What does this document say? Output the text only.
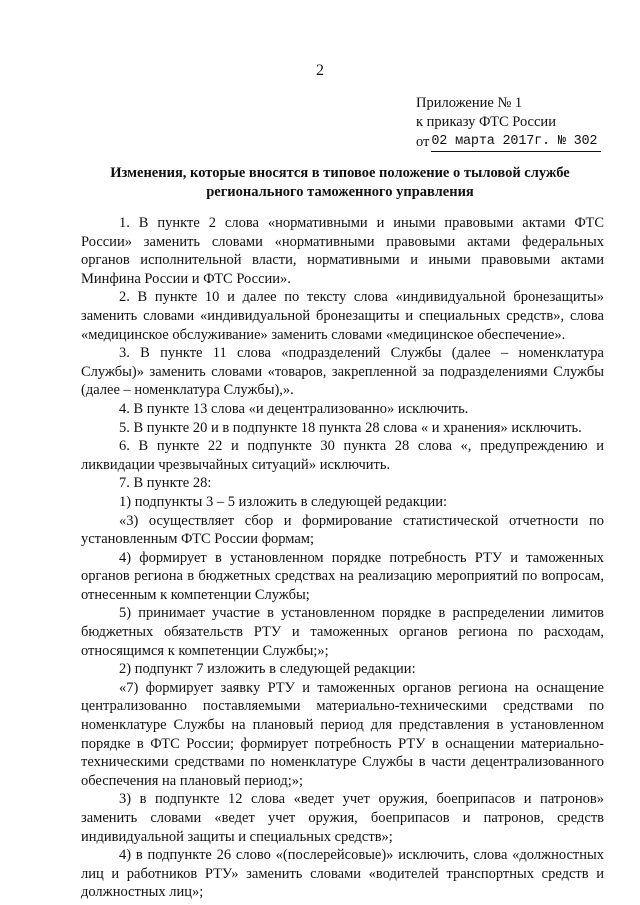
2
Приложение № 1
к приказу ФТС России
от 02 марта 2017г. № 302
Изменения, которые вносятся в типовое положение о тыловой службе
регионального таможенного управления

1. В пункте 2 слова «нормативными и иными правовыми актами ФТС России» заменить словами «нормативными правовыми актами федеральных органов исполнительной власти, нормативными и иными правовыми актами Минфина России и ФТС России».

2. В пункте 10 и далее по тексту слова «индивидуальной бронезащиты» заменить словами «индивидуальной бронезащиты и специальных средств», слова «медицинское обслуживание» заменить словами «медицинское обеспечение».

3. В пункте 11 слова «подразделений Службы (далее – номенклатура Службы)» заменить словами «товаров, закрепленной за подразделениями Службы (далее – номенклатура Службы),».

4. В пункте 13 слова «и децентрализованно» исключить.

5. В пункте 20 и в подпункте 18 пункта 28 слова « и хранения» исключить.

6. В пункте 22 и подпункте 30 пункта 28 слова «, предупреждению и ликвидации чрезвычайных ситуаций» исключить.

7. В пункте 28:

1) подпункты 3 – 5 изложить в следующей редакции:

«3) осуществляет сбор и формирование статистической отчетности по установленным ФТС России формам;

4) формирует в установленном порядке потребность РТУ и таможенных органов региона в бюджетных средствах на реализацию мероприятий по вопросам, отнесенным к компетенции Службы;

5) принимает участие в установленном порядке в распределении лимитов бюджетных обязательств РТУ и таможенных органов региона по расходам, относящимся к компетенции Службы;»;

2) подпункт 7 изложить в следующей редакции:

«7) формирует заявку РТУ и таможенных органов региона на оснащение централизованно поставляемыми материально-техническими средствами по номенклатуре Службы на плановый период для представления в установленном порядке в ФТС России; формирует потребность РТУ в оснащении материально-техническими средствами по номенклатуре Службы в части децентрализованного обеспечения на плановый период;»;

3) в подпункте 12 слова «ведет учет оружия, боеприпасов и патронов» заменить словами «ведет учет оружия, боеприпасов и патронов, средств индивидуальной защиты и специальных средств»;

4) в подпункте 26 слово «(послерейсовые)» исключить, слова «должностных лиц и работников РТУ» заменить словами «водителей транспортных средств и должностных лиц»;
